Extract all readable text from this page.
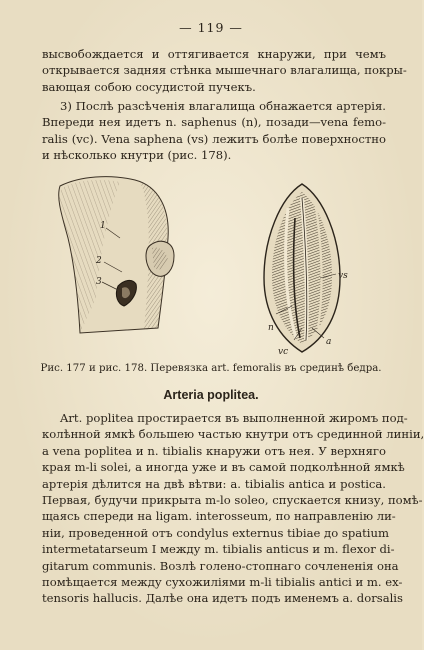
— 119 —
высвобождается и оттягивается кнаружи, при чемъ
открывается задняя стѣнка мышечнаго влагалища, покры-
вающая собою сосудистой пучекъ.
3) Послѣ разсѣченія влагалища обнажается артерія.
Впереди нея идетъ n. saphenus (n), позади—vena femo-
ralis (vc). Vena saphena (vs) лежитъ болѣе поверхностно
и нѣсколько кнутри (рис. 178).
1
2
3
vs
n
vc
a
Рис. 177 и рис. 178. Перевязка art. femoralis въ срединѣ бедра.
Arteria poplitea.
Art. poplitea простирается въ выполненной жиромъ под-
колѣнной ямкѣ большею частью кнутри отъ срединной линіи,
а vena poplitea и n. tibialis кнаружи отъ нея. У верхняго
края m-li solei, а иногда уже и въ самой подколѣнной ямкѣ
артерія дѣлится на двѣ вѣтви: a. tibialis antica и postica.
Первая, будучи прикрыта m-lo soleo, спускается книзу, помѣ-
щаясь спереди на ligam. interosseum, по направленію ли-
ніи, проведенной отъ condylus externus tibiae до spatium
intermetatarseum I между m. tibialis anticus и m. flexor di-
gitarum communis. Возлѣ голено-стопнаго сочлененія она
помѣщается между сухожиліями m-li tibialis antici и m. ex-
tensoris hallucis. Далѣе она идетъ подъ именемъ a. dorsalis
